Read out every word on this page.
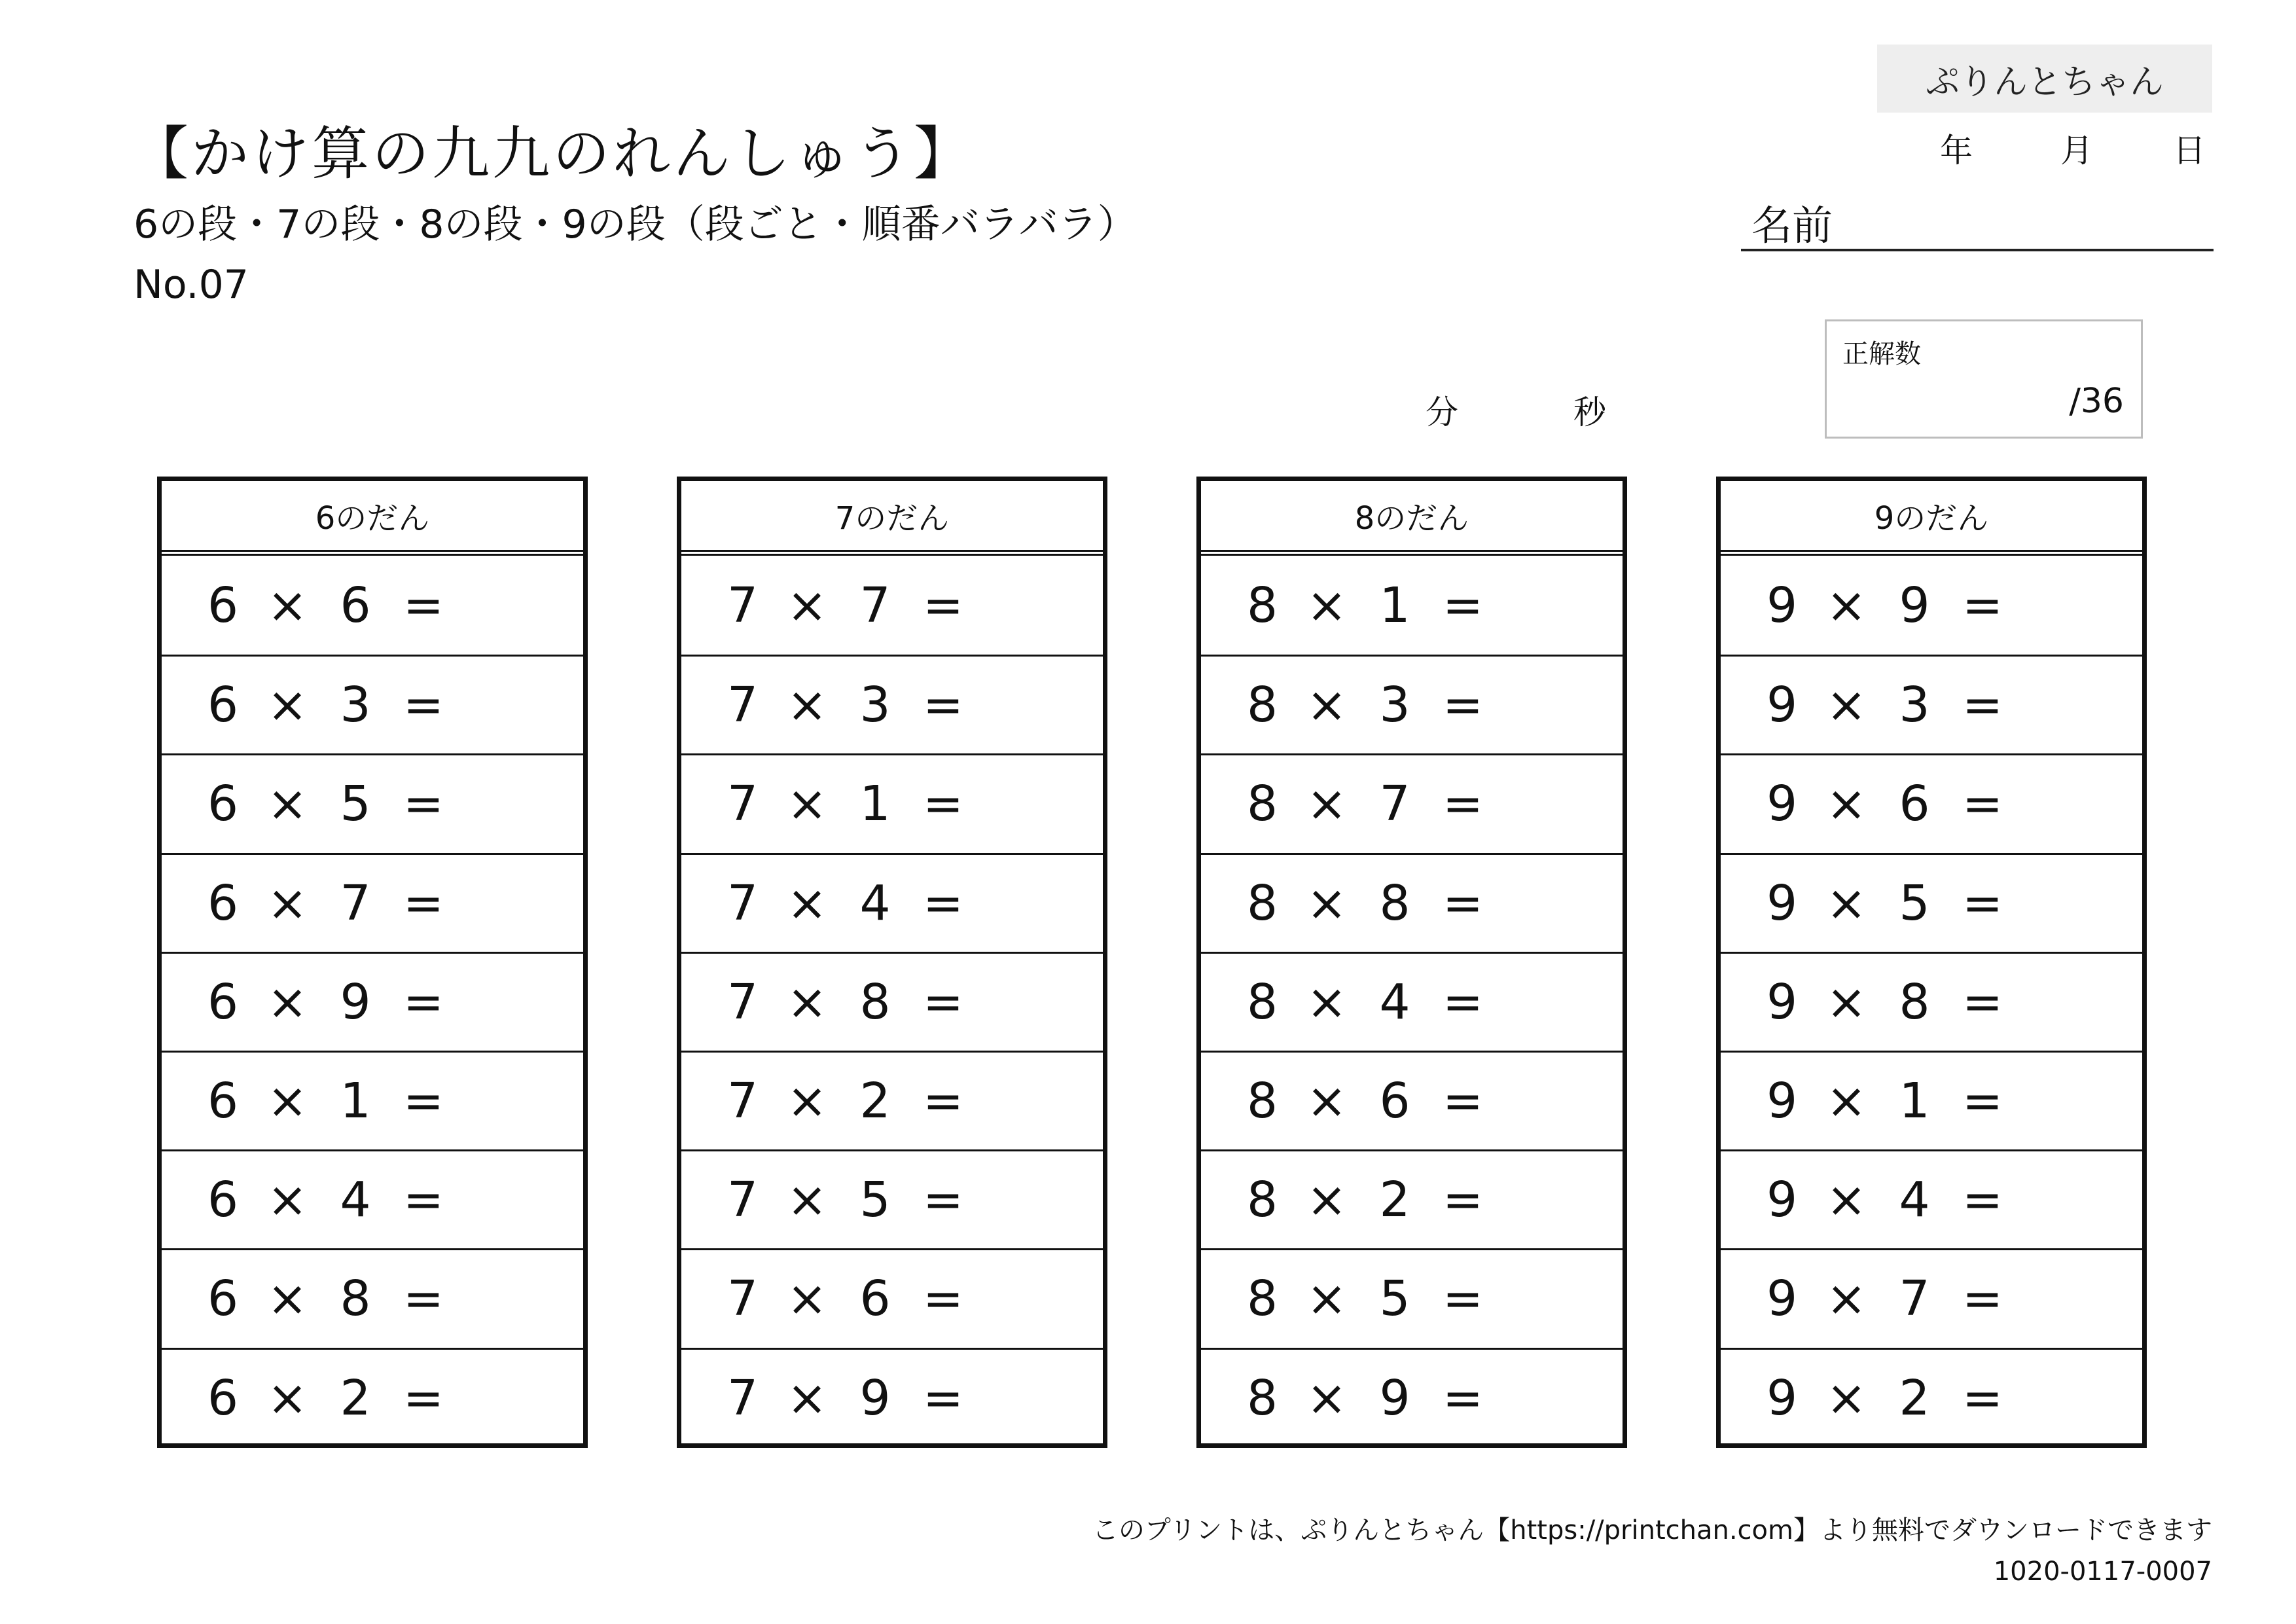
ぷりんとちゃん
年	月 日
【かけ算の九九のれんしゅう】
6の段・7の段・8の段・9の段（段ごと・順番バラバラ）
No.07
名前
分	秒
正解数
/36
6のだん
6 × 6 =
6 × 3 =
6 × 5 =
6 × 7 =
6 × 9 =
6 × 1 =
6 × 4 =
6 × 8 =
6 × 2 =
7のだん
7 × 7 =
7 × 3 =
7 × 1 =
7 × 4 =
7 × 8 =
7 × 2 =
7 × 5 =
7 × 6 =
7 × 9 =
8のだん
8 × 1 =
8 × 3 =
8 × 7 =
8 × 8 =
8 × 4 =
8 × 6 =
8 × 2 =
8 × 5 =
8 × 9 =
9のだん
9 × 9 =
9 × 3 =
9 × 6 =
9 × 5 =
9 × 8 =
9 × 1 =
9 × 4 =
9 × 7 =
9 × 2 =
このプリントは、ぷりんとちゃん【https://printchan.com】より無料でダウンロードできます
1020-0117-0007
